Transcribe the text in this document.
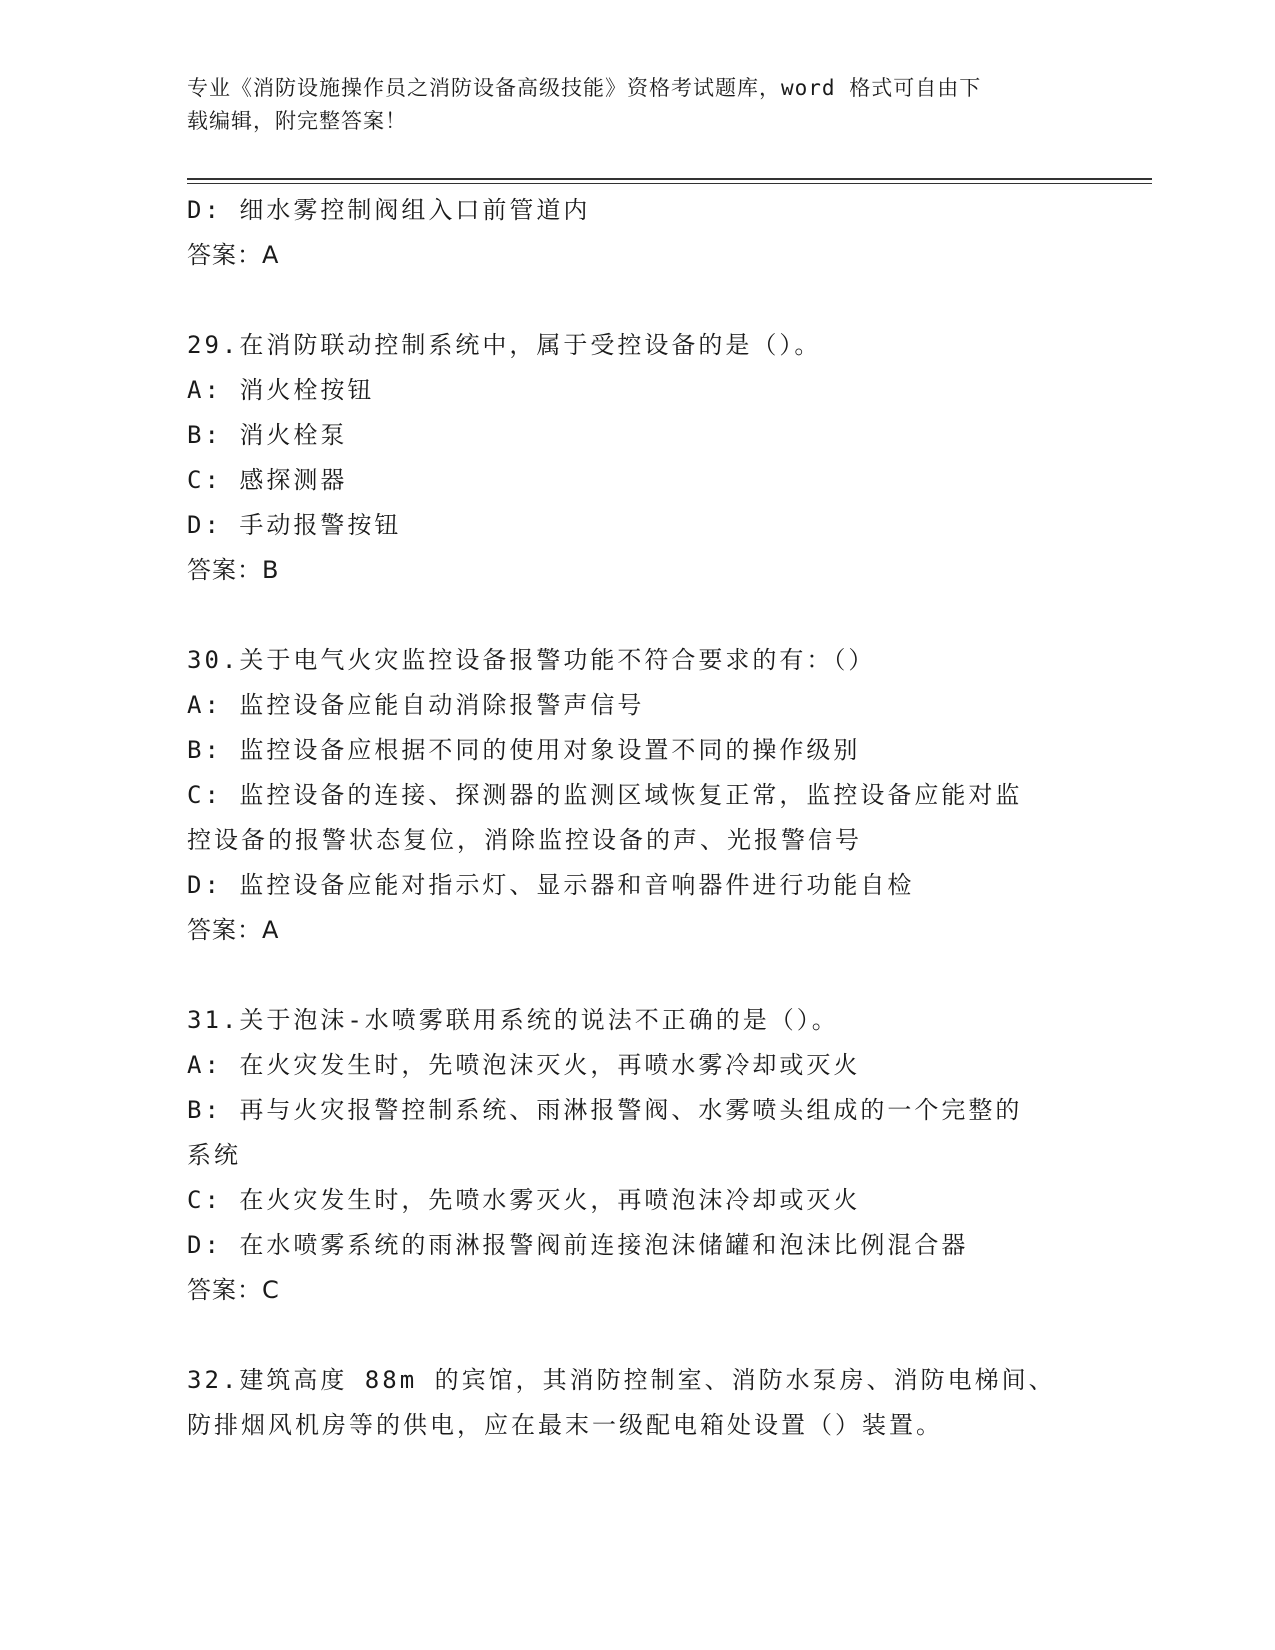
专业《消防设施操作员之消防设备高级技能》资格考试题库，word 格式可自由下
载编辑，附完整答案！
D: 细水雾控制阀组入口前管道内
答案：A
29.在消防联动控制系统中，属于受控设备的是（）。
A: 消火栓按钮
B: 消火栓泵
C: 感探测器
D: 手动报警按钮
答案：B
30.关于电气火灾监控设备报警功能不符合要求的有：（）
A: 监控设备应能自动消除报警声信号
B: 监控设备应根据不同的使用对象设置不同的操作级别
C: 监控设备的连接、探测器的监测区域恢复正常，监控设备应能对监
控设备的报警状态复位，消除监控设备的声、光报警信号
D: 监控设备应能对指示灯、显示器和音响器件进行功能自检
答案：A
31.关于泡沫-水喷雾联用系统的说法不正确的是（）。
A: 在火灾发生时，先喷泡沫灭火，再喷水雾冷却或灭火
B: 再与火灾报警控制系统、雨淋报警阀、水雾喷头组成的一个完整的
系统
C: 在火灾发生时，先喷水雾灭火，再喷泡沫冷却或灭火
D: 在水喷雾系统的雨淋报警阀前连接泡沫储罐和泡沫比例混合器
答案：C
32.建筑高度 88m 的宾馆，其消防控制室、消防水泵房、消防电梯间、
防排烟风机房等的供电，应在最末一级配电箱处设置（）装置。
